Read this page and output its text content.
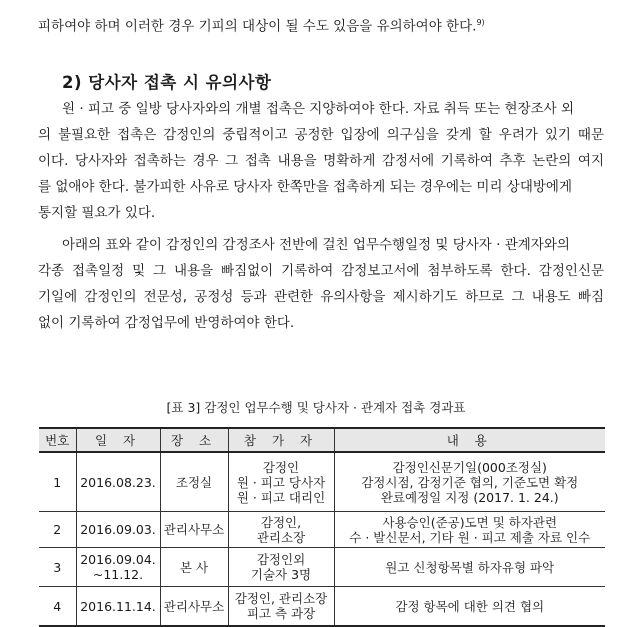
피하여야 하며 이러한 경우 기피의 대상이 될 수도 있음을 유의하여야 한다.$^{9)}$
2) 당사자 접촉 시 유의사항
원 · 피고 중 일방 당사자와의 개별 접촉은 지양하여야 한다. 자료 취득 또는 현장조사 외
의 불필요한 접촉은 감정인의 중립적이고 공정한 입장에 의구심을 갖게 할 우려가 있기 때문
이다. 당사자와 접촉하는 경우 그 접촉 내용을 명확하게 감정서에 기록하여 추후 논란의 여지
를 없애야 한다. 불가피한 사유로 당사자 한쪽만을 접촉하게 되는 경우에는 미리 상대방에게
통지할 필요가 있다.
아래의 표와 같이 감정인의 감정조사 전반에 걸친 업무수행일정 및 당사자 · 관계자와의
각종 접촉일정 및 그 내용을 빠짐없이 기록하여 감정보고서에 첨부하도록 한다. 감정인신문
기일에 감정인의 전문성, 공정성 등과 관련한 유의사항을 제시하기도 하므로 그 내용도 빠짐
없이 기록하여 감정업무에 반영하여야 한다.
[표 3] 감정인 업무수행 및 당사자 · 관계자 접촉 경과표
번호	일 자	장 소	참 가 자	내 용
1	2016.08.23.	조정실	감정인
원 · 피고 당사자
원 · 피고 대리인	감정인신문기일(000조정실)
감정시점, 감정기준 협의, 기준도면 확정
완료예정일 지정 (2017. 1. 24.)

2	2016.09.03.	관리사무소	감정인,
관리소장	사용승인(준공)도면 및 하자관련
수 · 발신문서, 기타 원 · 피고 제출 자료 인수

3	2016.09.04.
~11.12.	본 사	감정인외
기술자 3명	원고 신청항목별 하자유형 파악

4	2016.11.14.	관리사무소	감정인, 관리소장
피고 측 과장	감정 항목에 대한 의견 협의
